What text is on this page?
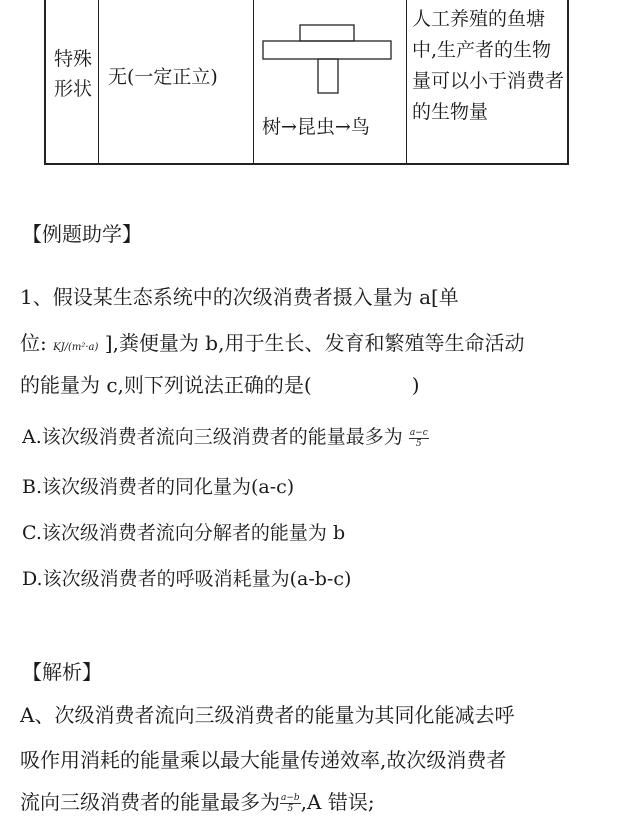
特殊形状
无(一定正立)
树→昆虫→鸟
人工养殖的鱼塘中,生产者的生物量可以小于消费者的生物量
【例题助学】
1、假设某生态系统中的次级消费者摄入量为 a[单
位: KJ/(m²·a) ],粪便量为 b,用于生长、发育和繁殖等生命活动
的能量为 c,则下列说法正确的是(　　　　　)
A.该次级消费者流向三级消费者的能量最多为 $\frac{a-c}{5}$
B.该次级消费者的同化量为(a-c)
C.该次级消费者流向分解者的能量为 b
D.该次级消费者的呼吸消耗量为(a-b-c)
【解析】
A、次级消费者流向三级消费者的能量为其同化能减去呼
吸作用消耗的能量乘以最大能量传递效率,故次级消费者
流向三级消费者的能量最多为 $\frac{a-b}{5} ,A$ 错误;
